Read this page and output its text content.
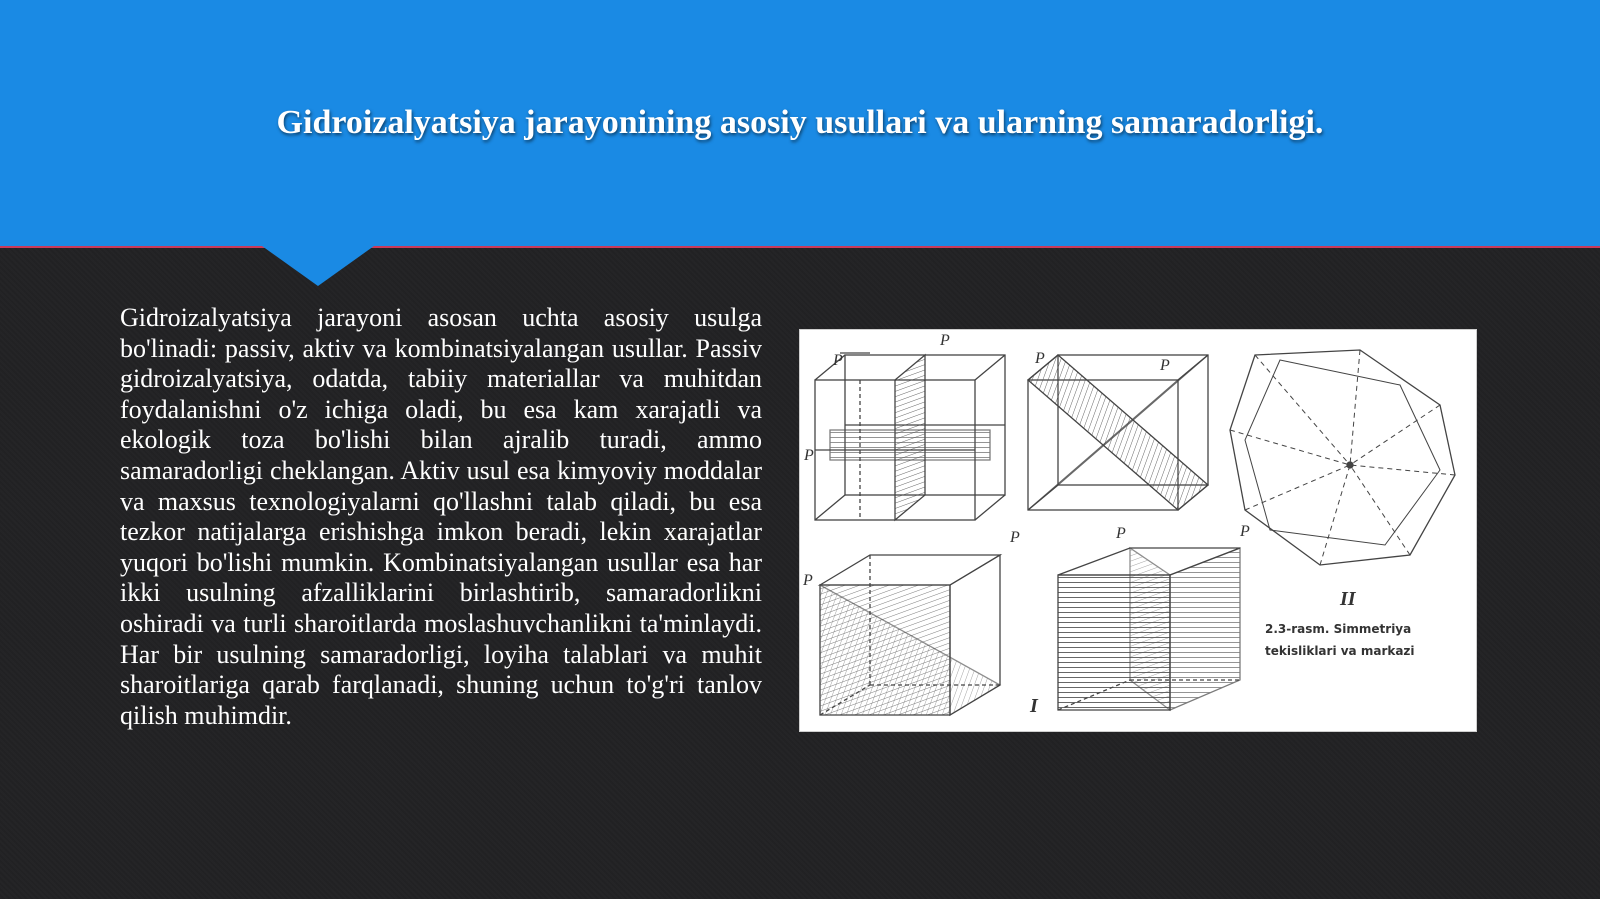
Gidroizalyatsiya jarayonining asosiy usullari va ularning samaradorligi.
Gidroizalyatsiya jarayoni asosan uchta asosiy usulga bo'linadi: passiv, aktiv va kombinatsiyalangan usullar. Passiv gidroizalyatsiya, odatda, tabiiy materiallar va muhitdan foydalanishni o'z ichiga oladi, bu esa kam xarajatli va ekologik toza bo'lishi bilan ajralib turadi, ammo samaradorligi cheklangan. Aktiv usul esa kimyoviy moddalar va maxsus texnologiyalarni qo'llashni talab qiladi, bu esa tezkor natijalarga erishishga imkon beradi, lekin xarajatlar yuqori bo'lishi mumkin. Kombinatsiyalangan usullar esa har ikki usulning afzalliklarini birlashtirib, samaradorlikni oshiradi va turli sharoitlarda moslashuvchanlikni ta'minlaydi. Har bir usulning samaradorligi, loyiha talablari va muhit sharoitlariga qarab farqlanadi, shuning uchun to'g'ri tanlov qilish muhimdir.
P
P
P
P	P
P
P
P	P
I
II
2.3-rasm. Simmetriya
tekisliklari va markazi
